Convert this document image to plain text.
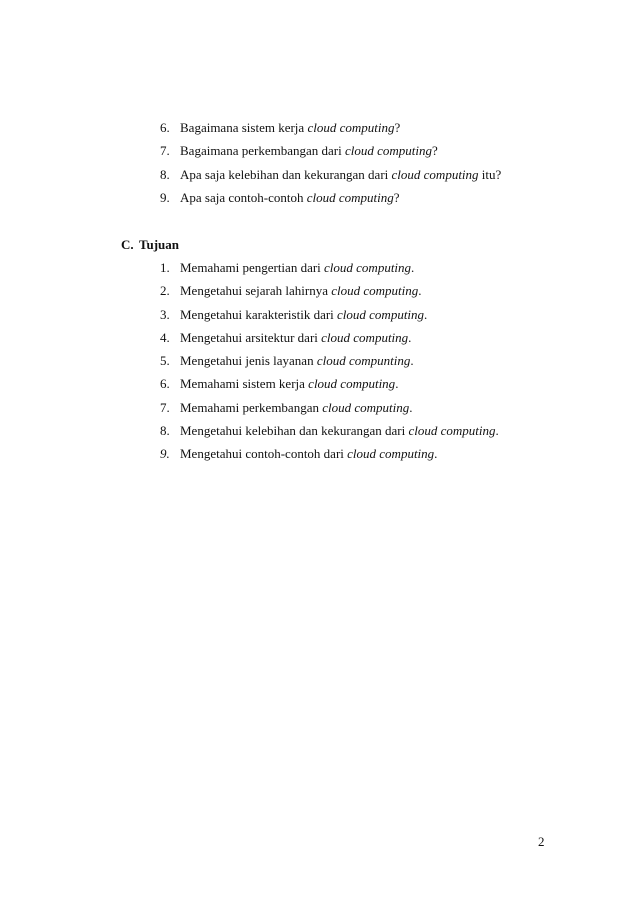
6. Bagaimana sistem kerja cloud computing?
7. Bagaimana perkembangan dari cloud computing?
8. Apa saja kelebihan dan kekurangan dari cloud computing itu?
9. Apa saja contoh-contoh cloud computing?
C. Tujuan
1. Memahami pengertian dari cloud computing.
2. Mengetahui sejarah lahirnya cloud computing.
3. Mengetahui karakteristik dari cloud computing.
4. Mengetahui arsitektur dari cloud computing.
5. Mengetahui jenis layanan cloud compunting.
6. Memahami sistem kerja cloud computing.
7. Memahami perkembangan cloud computing.
8. Mengetahui kelebihan dan kekurangan dari cloud computing.
9. Mengetahui contoh-contoh dari cloud computing.
2
